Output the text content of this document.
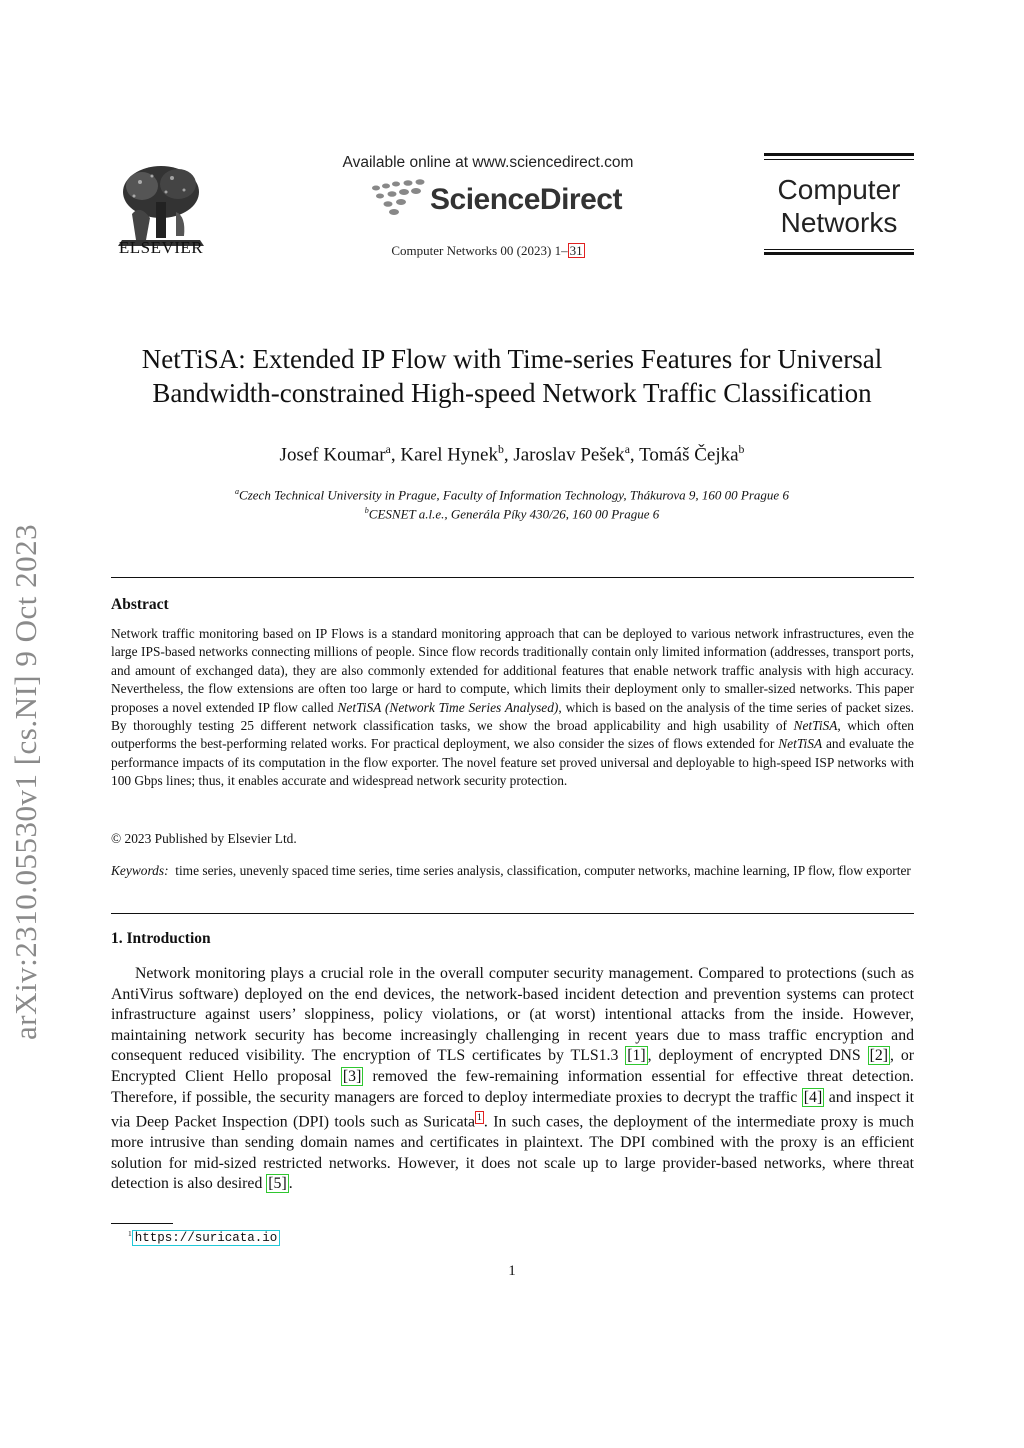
arXiv:2310.05530v1 [cs.NI] 9 Oct 2023
ELSEVIER
Available online at www.sciencedirect.com
ScienceDirect
Computer Networks 00 (2023) 1– 31
Computer
Networks
NetTiSA: Extended IP Flow with Time-series Features for Universal
Bandwidth-constrained High-speed Network Traffic Classification
Josef Koumar$^a$, Karel Hynek$^b$, Jaroslav Pešek$^a$, Tomáš Čejka$^b$
$^a$Czech Technical University in Prague, Faculty of Information Technology, Thákurova 9, 160 00 Prague 6
$^b$CESNET a.l.e., Generála Píky 430/26, 160 00 Prague 6
Abstract
Network traffic monitoring based on IP Flows is a standard monitoring approach that can be deployed to various network infrastructures, even the large IPS-based networks connecting millions of people. Since flow records traditionally contain only limited information (addresses, transport ports, and amount of exchanged data), they are also commonly extended for additional features that enable network traffic analysis with high accuracy. Nevertheless, the flow extensions are often too large or hard to compute, which limits their deployment only to smaller-sized networks. This paper proposes a novel extended IP flow called NetTiSA (Network Time Series Analysed), which is based on the analysis of the time series of packet sizes. By thoroughly testing 25 different network classification tasks, we show the broad applicability and high usability of NetTiSA, which often outperforms the best-performing related works. For practical deployment, we also consider the sizes of flows extended for NetTiSA and evaluate the performance impacts of its computation in the flow exporter. The novel feature set proved universal and deployable to high-speed ISP networks with 100 Gbps lines; thus, it enables accurate and widespread network security protection.
© 2023 Published by Elsevier Ltd.
Keywords: time series, unevenly spaced time series, time series analysis, classification, computer networks, machine learning, IP flow, flow exporter
1. Introduction
Network monitoring plays a crucial role in the overall computer security management. Compared to protections (such as AntiVirus software) deployed on the end devices, the network-based incident detection and prevention systems can protect infrastructure against users’ sloppiness, policy violations, or (at worst) intentional attacks from the inside. However, maintaining network security has become increasingly challenging in recent years due to mass traffic encryption and consequent reduced visibility. The encryption of TLS certificates by TLS1.3 [1] , deployment of encrypted DNS [2] , or Encrypted Client Hello proposal [3] removed the few-remaining information essential for effective threat detection. Therefore, if possible, the security managers are forced to deploy intermediate proxies to decrypt the traffic [4] and inspect it via Deep Packet Inspection (DPI) tools such as Suricata $^1$ . In such cases, the deployment of the intermediate proxy is much more intrusive than sending domain names and certificates in plaintext. The DPI combined with the proxy is an efficient solution for mid-sized restricted networks. However, it does not scale up to large provider-based networks, where threat detection is also desired [5] .
$^1$ https://suricata.io
1
